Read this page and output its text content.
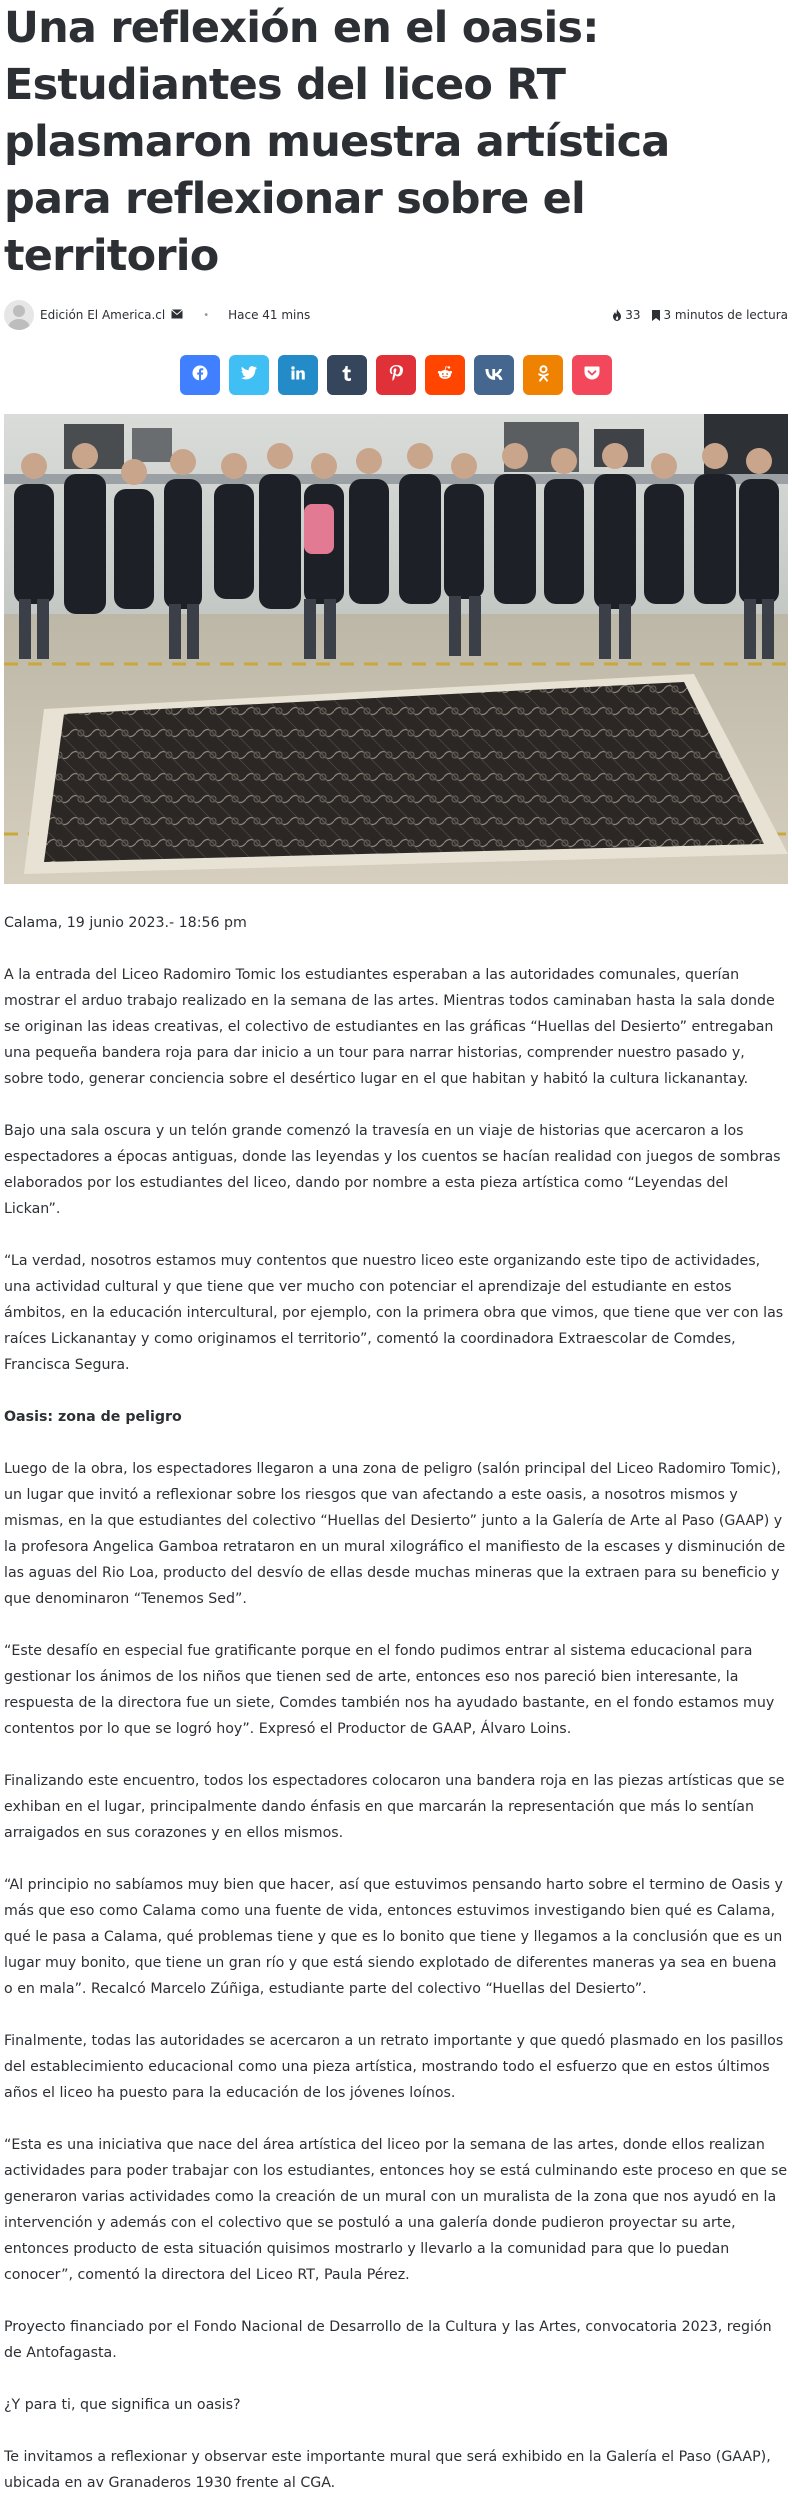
Una reflexión en el oasis: Estudiantes del liceo RT plasmaron muestra artística para reflexionar sobre el territorio
Edición El America.cl	• Hace 41 mins	33 3 minutos de lectura

Calama, 19 junio 2023.- 18:56 pm

A la entrada del Liceo Radomiro Tomic los estudiantes esperaban a las autoridades comunales, querían mostrar el arduo trabajo realizado en la semana de las artes. Mientras todos caminaban hasta la sala donde se originan las ideas creativas, el colectivo de estudiantes en las gráficas “Huellas del Desierto” entregaban una pequeña bandera roja para dar inicio a un tour para narrar historias, comprender nuestro pasado y, sobre todo, generar conciencia sobre el desértico lugar en el que habitan y habitó la cultura lickanantay.

Bajo una sala oscura y un telón grande comenzó la travesía en un viaje de historias que acercaron a los espectadores a épocas antiguas, donde las leyendas y los cuentos se hacían realidad con juegos de sombras elaborados por los estudiantes del liceo, dando por nombre a esta pieza artística como “Leyendas del Lickan”.

“La verdad, nosotros estamos muy contentos que nuestro liceo este organizando este tipo de actividades, una actividad cultural y que tiene que ver mucho con potenciar el aprendizaje del estudiante en estos ámbitos, en la educación intercultural, por ejemplo, con la primera obra que vimos, que tiene que ver con las raíces Lickanantay y como originamos el territorio”, comentó la coordinadora Extraescolar de Comdes, Francisca Segura.

Oasis: zona de peligro

Luego de la obra, los espectadores llegaron a una zona de peligro (salón principal del Liceo Radomiro Tomic), un lugar que invitó a reflexionar sobre los riesgos que van afectando a este oasis, a nosotros mismos y mismas, en la que estudiantes del colectivo “Huellas del Desierto” junto a la Galería de Arte al Paso (GAAP) y la profesora Angelica Gamboa retrataron en un mural xilográfico el manifiesto de la escases y disminución de las aguas del Rio Loa, producto del desvío de ellas desde muchas mineras que la extraen para su beneficio y que denominaron “Tenemos Sed”.

“Este desafío en especial fue gratificante porque en el fondo pudimos entrar al sistema educacional para gestionar los ánimos de los niños que tienen sed de arte, entonces eso nos pareció bien interesante, la respuesta de la directora fue un siete, Comdes también nos ha ayudado bastante, en el fondo estamos muy contentos por lo que se logró hoy”. Expresó el Productor de GAAP, Álvaro Loins.

Finalizando este encuentro, todos los espectadores colocaron una bandera roja en las piezas artísticas que se exhiban en el lugar, principalmente dando énfasis en que marcarán la representación que más lo sentían arraigados en sus corazones y en ellos mismos.

“Al principio no sabíamos muy bien que hacer, así que estuvimos pensando harto sobre el termino de Oasis y más que eso como Calama como una fuente de vida, entonces estuvimos investigando bien qué es Calama, qué le pasa a Calama, qué problemas tiene y que es lo bonito que tiene y llegamos a la conclusión que es un lugar muy bonito, que tiene un gran río y que está siendo explotado de diferentes maneras ya sea en buena o en mala”. Recalcó Marcelo Zúñiga, estudiante parte del colectivo “Huellas del Desierto”.

Finalmente, todas las autoridades se acercaron a un retrato importante y que quedó plasmado en los pasillos del establecimiento educacional como una pieza artística, mostrando todo el esfuerzo que en estos últimos años el liceo ha puesto para la educación de los jóvenes loínos.

“Esta es una iniciativa que nace del área artística del liceo por la semana de las artes, donde ellos realizan actividades para poder trabajar con los estudiantes, entonces hoy se está culminando este proceso en que se generaron varias actividades como la creación de un mural con un muralista de la zona que nos ayudó en la intervención y además con el colectivo que se postuló a una galería donde pudieron proyectar su arte, entonces producto de esta situación quisimos mostrarlo y llevarlo a la comunidad para que lo puedan conocer”, comentó la directora del Liceo RT, Paula Pérez.

Proyecto financiado por el Fondo Nacional de Desarrollo de la Cultura y las Artes, convocatoria 2023, región de Antofagasta.

¿Y para ti, que significa un oasis?

Te invitamos a reflexionar y observar este importante mural que será exhibido en la Galería el Paso (GAAP), ubicada en av Granaderos 1930 frente al CGA.
